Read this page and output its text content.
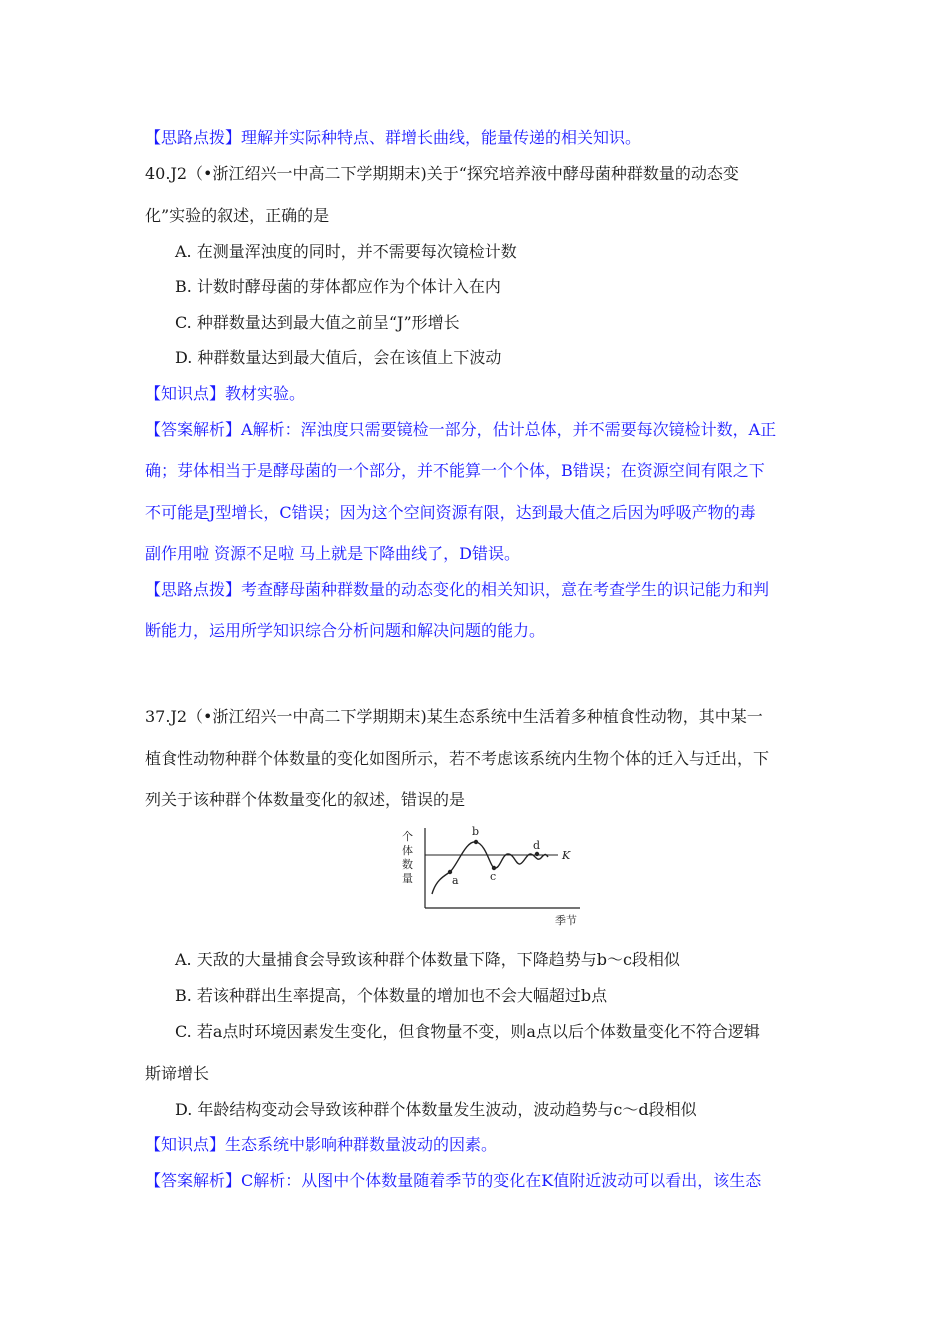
【思路点拨】理解并实际种特点、群增长曲线，能量传递的相关知识。
40.J2（•浙江绍兴一中高二下学期期末)关于“探究培养液中酵母菌种群数量的动态变
化”实验的叙述，正确的是
A. 在测量浑浊度的同时，并不需要每次镜检计数
B. 计数时酵母菌的芽体都应作为个体计入在内
C. 种群数量达到最大值之前呈“J”形增长
D. 种群数量达到最大值后，会在该值上下波动
【知识点】教材实验。
【答案解析】A解析：浑浊度只需要镜检一部分，估计总体，并不需要每次镜检计数，A正
确；芽体相当于是酵母菌的一个部分，并不能算一个个体，B错误；在资源空间有限之下
不可能是J型增长，C错误；因为这个空间资源有限，达到最大值之后因为呼吸产物的毒
副作用啦 资源不足啦 马上就是下降曲线了，D错误。
【思路点拨】考查酵母菌种群数量的动态变化的相关知识，意在考查学生的识记能力和判
断能力，运用所学知识综合分析问题和解决问题的能力。
37.J2（•浙江绍兴一中高二下学期期末)某生态系统中生活着多种植食性动物，其中某一
植食性动物种群个体数量的变化如图所示，若不考虑该系统内生物个体的迁入与迁出，下
列关于该种群个体数量变化的叙述，错误的是
个
体
数
量
K
a
b
c
d
季节
A. 天敌的大量捕食会导致该种群个体数量下降，下降趋势与b～c段相似
B. 若该种群出生率提高，个体数量的增加也不会大幅超过b点
C. 若a点时环境因素发生变化，但食物量不变，则a点以后个体数量变化不符合逻辑
斯谛增长
D. 年龄结构变动会导致该种群个体数量发生波动，波动趋势与c～d段相似
【知识点】生态系统中影响种群数量波动的因素。
【答案解析】C解析：从图中个体数量随着季节的变化在K值附近波动可以看出，该生态
